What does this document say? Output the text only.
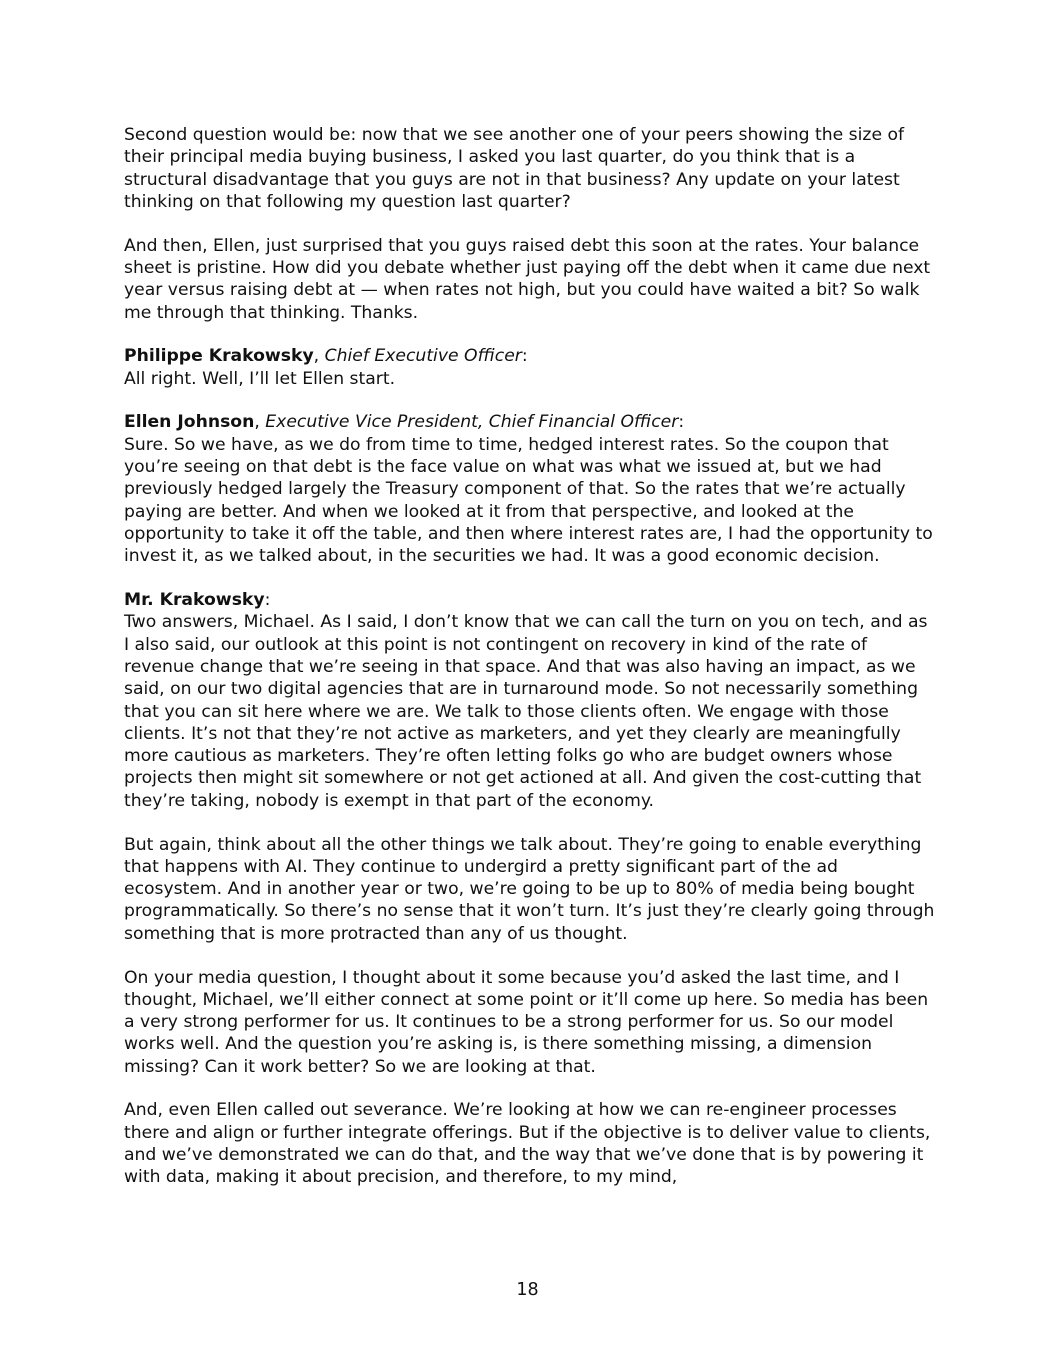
Second question would be: now that we see another one of your peers showing the size of their principal media buying business, I asked you last quarter, do you think that is a structural disadvantage that you guys are not in that business? Any update on your latest thinking on that following my question last quarter?

And then, Ellen, just surprised that you guys raised debt this soon at the rates. Your balance sheet is pristine. How did you debate whether just paying off the debt when it came due next year versus raising debt at — when rates not high, but you could have waited a bit? So walk me through that thinking. Thanks.

Philippe Krakowsky, Chief Executive Officer:
All right. Well, I’ll let Ellen start.
Ellen Johnson, Executive Vice President, Chief Financial Officer:
Sure. So we have, as we do from time to time, hedged interest rates. So the coupon that you’re seeing on that debt is the face value on what was what we issued at, but we had previously hedged largely the Treasury component of that. So the rates that we’re actually paying are better. And when we looked at it from that perspective, and looked at the opportunity to take it off the table, and then where interest rates are, I had the opportunity to invest it, as we talked about, in the securities we had. It was a good economic decision.
Mr. Krakowsky:
Two answers, Michael. As I said, I don’t know that we can call the turn on you on tech, and as I also said, our outlook at this point is not contingent on recovery in kind of the rate of revenue change that we’re seeing in that space. And that was also having an impact, as we said, on our two digital agencies that are in turnaround mode. So not necessarily something that you can sit here where we are. We talk to those clients often. We engage with those clients. It’s not that they’re not active as marketers, and yet they clearly are meaningfully more cautious as marketers. They’re often letting folks go who are budget owners whose projects then might sit somewhere or not get actioned at all. And given the cost-cutting that they’re taking, nobody is exempt in that part of the economy.

But again, think about all the other things we talk about. They’re going to enable everything that happens with AI. They continue to undergird a pretty significant part of the ad ecosystem. And in another year or two, we’re going to be up to 80% of media being bought programmatically. So there’s no sense that it won’t turn. It’s just they’re clearly going through something that is more protracted than any of us thought.

On your media question, I thought about it some because you’d asked the last time, and I thought, Michael, we’ll either connect at some point or it’ll come up here. So media has been a very strong performer for us. It continues to be a strong performer for us. So our model works well. And the question you’re asking is, is there something missing, a dimension missing? Can it work better? So we are looking at that.

And, even Ellen called out severance. We’re looking at how we can re-engineer processes there and align or further integrate offerings. But if the objective is to deliver value to clients, and we’ve demonstrated we can do that, and the way that we’ve done that is by powering it with data, making it about precision, and therefore, to my mind,

18
